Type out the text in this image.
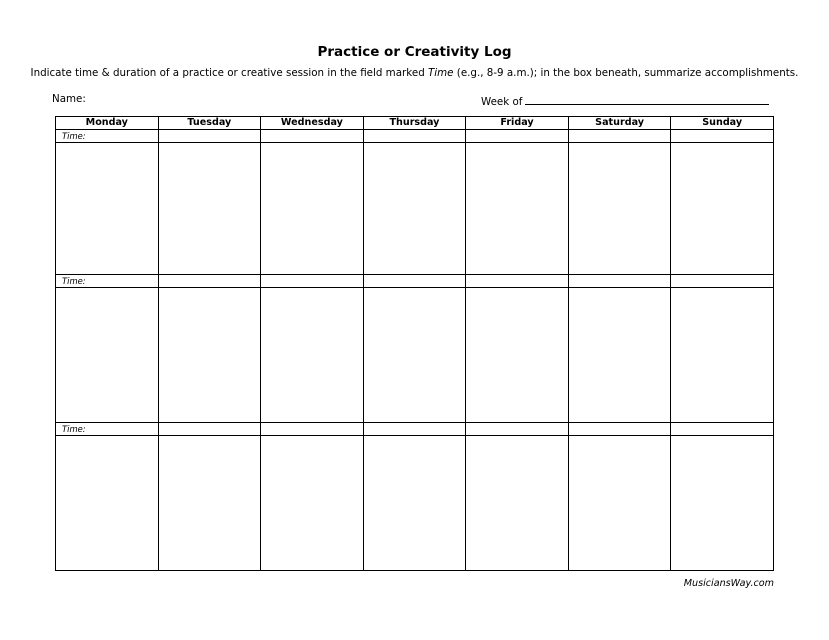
Practice or Creativity Log
Indicate time & duration of a practice or creative session in the field marked Time (e.g., 8-9 a.m.); in the box beneath, summarize accomplishments.
Name:	Week of
Monday	Tuesday	Wednesday	Thursday	Friday	Saturday	Sunday
Time:						

Time:						

Time:						

MusiciansWay.com
